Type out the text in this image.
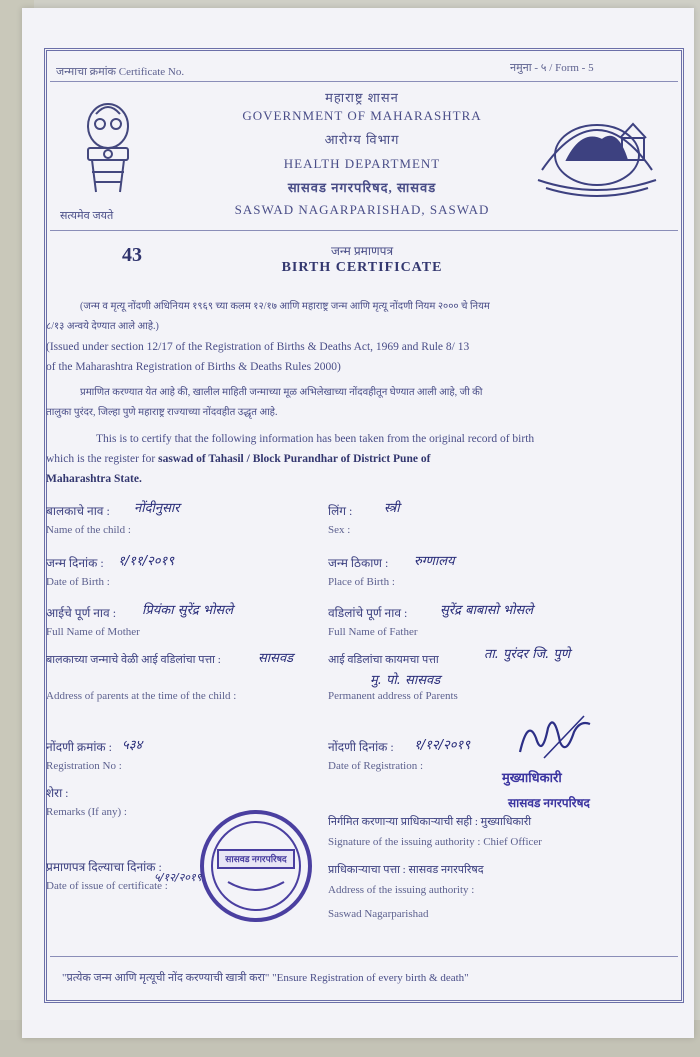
जन्माचा क्रमांक Certificate No.	नमुना - ५ / Form - 5
सत्यमेव जयते
महाराष्ट्र शासन
GOVERNMENT OF MAHARASHTRA
आरोग्य विभाग
HEALTH DEPARTMENT
सासवड नगरपरिषद, सासवड
SASWAD NAGARPARISHAD, SASWAD
43	जन्म प्रमाणपत्र
BIRTH CERTIFICATE
(जन्म व मृत्यू नोंदणी अधिनियम १९६९ च्या कलम १२/१७ आणि महाराष्ट्र जन्म आणि मृत्यू नोंदणी नियम २००० चे नियम
८/१३ अन्वये देण्यात आले आहे.)
(Issued under section 12/17 of the Registration of Births & Deaths Act, 1969 and Rule 8/ 13
of the Maharashtra Registration of Births & Deaths Rules 2000)
प्रमाणित करण्यात येत आहे की, खालील माहिती जन्माच्या मूळ अभिलेखाच्या नोंदवहीतून घेण्यात आली आहे, जी की
तालुका पुरंदर, जिल्हा पुणे महाराष्ट्र राज्याच्या नोंदवहीत उद्धृत आहे.
This is to certify that the following information has been taken from the original record of birth
which is the register for saswad of Tahasil / Block Purandhar of District Pune of
Maharashtra State.
बालकाचे नाव : नोंदीनुसार
Name of the child :
जन्म दिनांक : १/११/२०१९
Date of Birth :
आईचे पूर्ण नाव : प्रियंका सुरेंद्र भोसले
Full Name of Mother
बालकाच्या जन्माचे वेळी आई वडिलांचा पत्ता :	सासवड
Address of parents at the time of the child :
लिंग : स्त्री
Sex :
जन्म ठिकाण : रुग्णालय
Place of Birth :
वडिलांचे पूर्ण नाव :	सुरेंद्र बाबासो भोसले
Full Name of Father
आई वडिलांचा कायमचा पत्ता	ता. पुरंदर जि. पुणे
मु. पो. सासवड
Permanent address of Parents
नोंदणी क्रमांक : ५३४
Registration No :
नोंदणी दिनांक : १/१२/२०१९
Date of Registration :
शेरा :
Remarks (If any) :
मुख्याधिकारी
सासवड नगरपरिषद
निर्गमित करणाऱ्या प्राधिकाऱ्याची सही : मुख्याधिकारी
Signature of the issuing authority : Chief Officer
सासवड नगरपरिषद
प्रमाणपत्र दिल्याचा दिनांक :
५/१२/२०१९
Date of issue of certificate :
प्राधिकाऱ्याचा पत्ता : सासवड नगरपरिषद
Address of the issuing authority :
Saswad Nagarparishad
"प्रत्येक जन्म आणि मृत्यूची नोंद करण्याची खात्री करा" "Ensure Registration of every birth & death"
